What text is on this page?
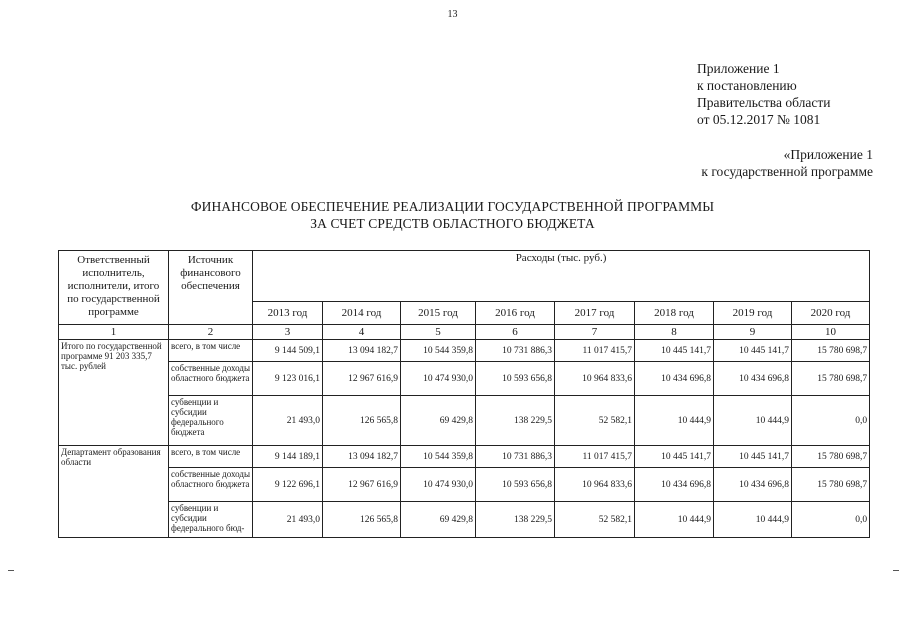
13
Приложение 1
к постановлению
Правительства области
от 05.12.2017 № 1081
«Приложение 1
к государственной программе
ФИНАНСОВОЕ ОБЕСПЕЧЕНИЕ РЕАЛИЗАЦИИ ГОСУДАРСТВЕННОЙ ПРОГРАММЫ
ЗА СЧЕТ СРЕДСТВ ОБЛАСТНОГО БЮДЖЕТА
Ответственный исполнитель, исполнители, итого по государственной программе	Источник финансового обеспечения	Расходы (тыс. руб.)							
		2013 год	2014 год	2015 год	2016 год	2017 год	2018 год	2019 год	2020 год
1	2	3	4	5	6	7	8	9	10
Итого по государственной программе 91 203 335,7 тыс. рублей	всего, в том числе	9 144 509,1	13 094 182,7	10 544 359,8	10 731 886,3	11 017 415,7	10 445 141,7	10 445 141,7	15 780 698,7
	собственные доходы областного бюджета	9 123 016,1	12 967 616,9	10 474 930,0	10 593 656,8	10 964 833,6	10 434 696,8	10 434 696,8	15 780 698,7
	субвенции и субсидии федерального бюджета	21 493,0	126 565,8	69 429,8	138 229,5	52 582,1	10 444,9	10 444,9	0,0
Департамент образования области	всего, в том числе	9 144 189,1	13 094 182,7	10 544 359,8	10 731 886,3	11 017 415,7	10 445 141,7	10 445 141,7	15 780 698,7
	собственные доходы областного бюджета	9 122 696,1	12 967 616,9	10 474 930,0	10 593 656,8	10 964 833,6	10 434 696,8	10 434 696,8	15 780 698,7
	субвенции и субсидии федерального бюд-	21 493,0	126 565,8	69 429,8	138 229,5	52 582,1	10 444,9	10 444,9	0,0
